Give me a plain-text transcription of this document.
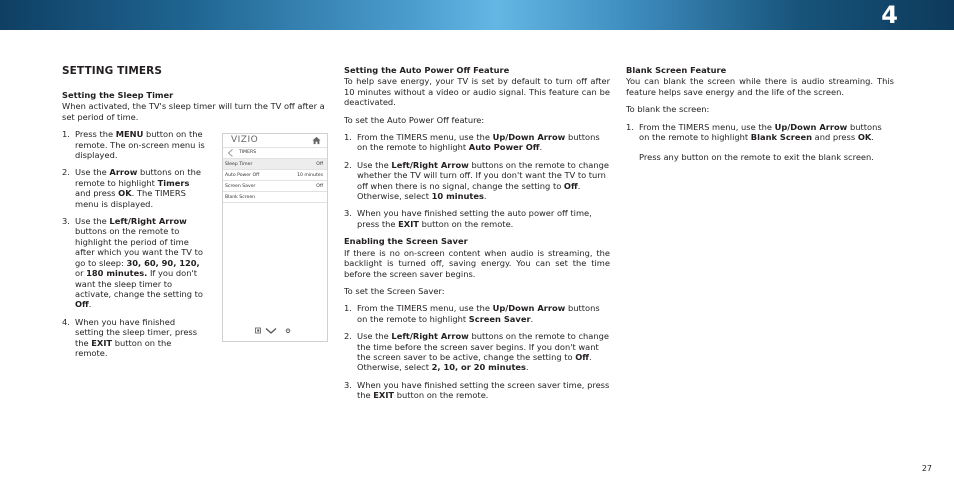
4
SETTING TIMERS
Setting the Sleep Timer

When activated, the TV's sleep timer will turn the TV off after a set period of time.

1. Press the MENU button on the remote. The on-screen menu is displayed.
2. Use the Arrow buttons on the remote to highlight Timers and press OK. The TIMERS menu is displayed.
3. Use the Left/Right Arrow buttons on the remote to highlight the period of time after which you want the TV to go to sleep: 30, 60, 90, 120, or 180 minutes. If you don't want the sleep timer to activate, change the setting to Off.
4. When you have finished setting the sleep timer, press the EXIT button on the remote.
VIZIO
TIMERS
Sleep Timer	Off
Auto Power Off	10 minutes
Screen Saver	Off
Blank Screen
Setting the Auto Power Off Feature

To help save energy, your TV is set by default to turn off after 10 minutes without a video or audio signal. This feature can be deactivated.

To set the Auto Power Off feature:

1. From the TIMERS menu, use the Up/Down Arrow buttons on the remote to highlight Auto Power Off.
2. Use the Left/Right Arrow buttons on the remote to change whether the TV will turn off. If you don't want the TV to turn off when there is no signal, change the setting to Off. Otherwise, select 10 minutes.
3. When you have finished setting the auto power off time, press the EXIT button on the remote.
Enabling the Screen Saver

If there is no on-screen content when audio is streaming, the backlight is turned off, saving energy. You can set the time before the screen saver begins.

To set the Screen Saver:

1. From the TIMERS menu, use the Up/Down Arrow buttons on the remote to highlight Screen Saver.
2. Use the Left/Right Arrow buttons on the remote to change the time before the screen saver begins. If you don't want the screen saver to be active, change the setting to Off. Otherwise, select 2, 10, or 20 minutes.
3. When you have finished setting the screen saver time, press the EXIT button on the remote.
Blank Screen Feature

You can blank the screen while there is audio streaming. This feature helps save energy and the life of the screen.

To blank the screen:

1. From the TIMERS menu, use the Up/Down Arrow buttons on the remote to highlight Blank Screen and press OK.
Press any button on the remote to exit the blank screen.
27
